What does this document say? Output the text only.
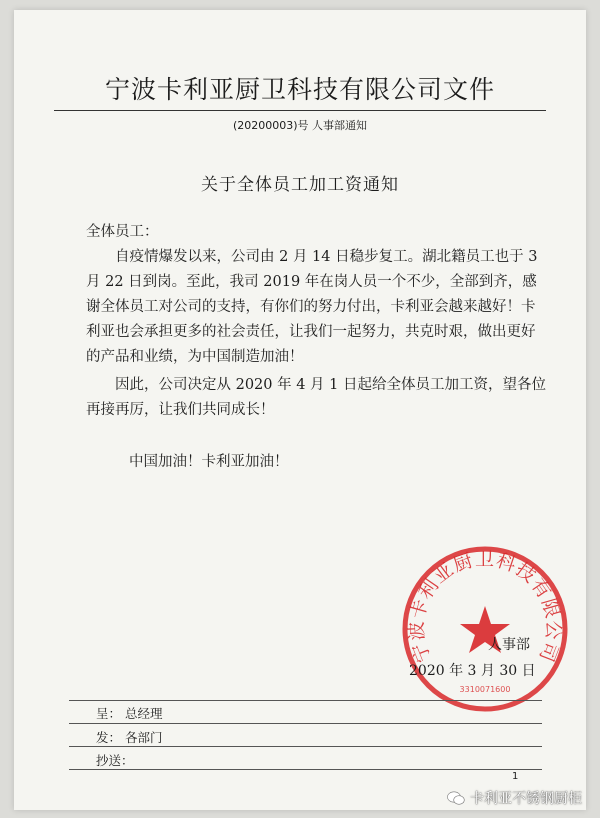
宁波卡利亚厨卫科技有限公司文件
(20200003)号 人事部通知
关于全体员工加工资通知
全体员工：
自疫情爆发以来，公司由 2 月 14 日稳步复工。湖北籍员工也于 3 月 22 日到岗。至此，我司 2019 年在岗人员一个不少，全部到齐，感谢全体员工对公司的支持，有你们的努力付出，卡利亚会越来越好！卡利亚也会承担更多的社会责任，让我们一起努力，共克时艰，做出更好的产品和业绩，为中国制造加油！
因此，公司决定从 2020 年 4 月 1 日起给全体员工加工资，望各位再接再厉，让我们共同成长！
中国加油！卡利亚加油！
宁波卡利亚厨卫科技有限公司
3310071600
人事部
2020 年 3 月 30 日
呈： 总经理
发： 各部门
抄送：
1
卡利亚不锈钢厨柜
